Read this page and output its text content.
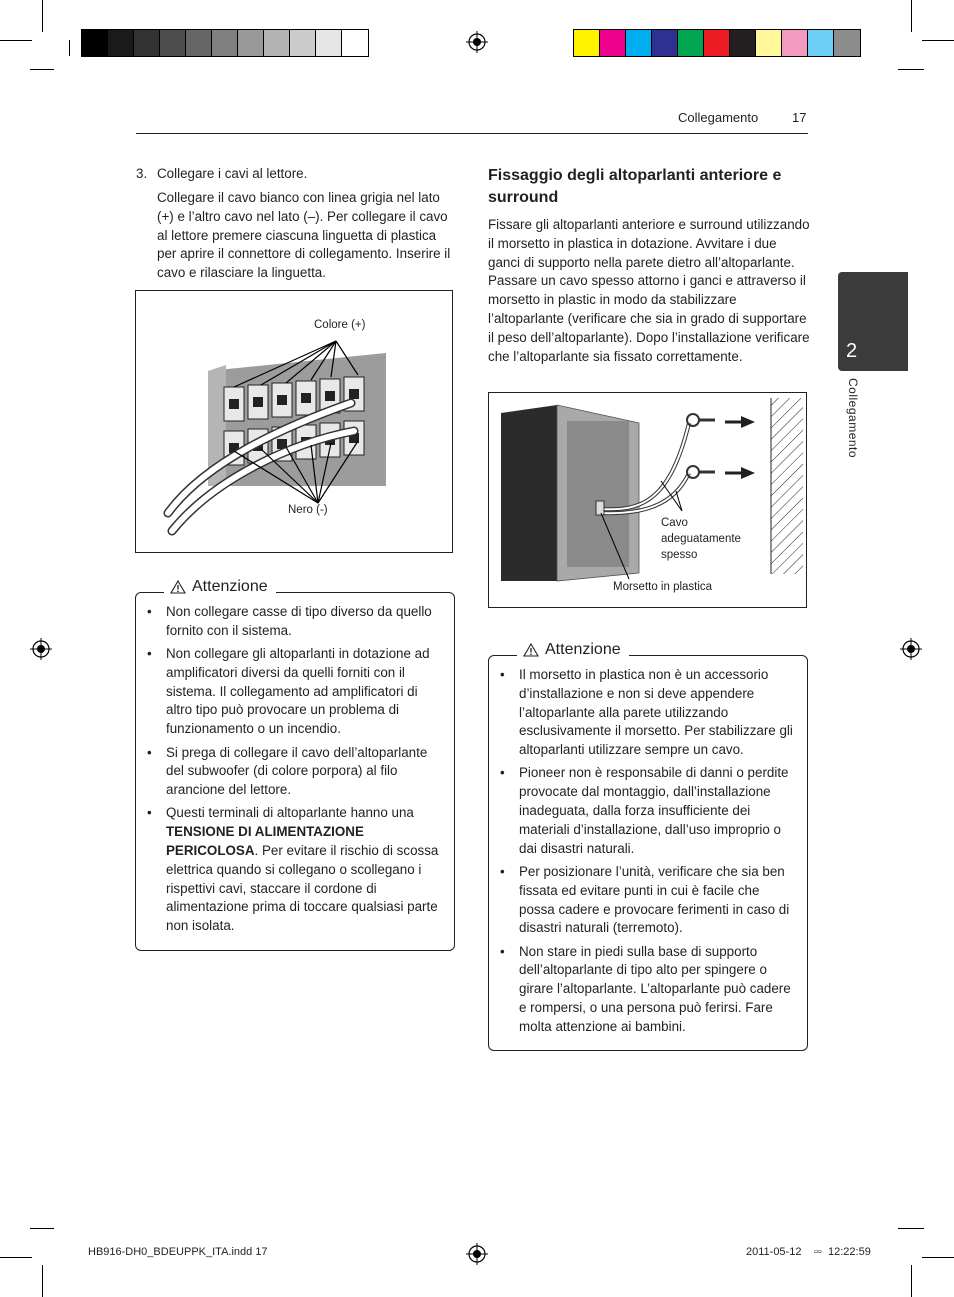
Collegamento	17
2
Collegamento
3. Collegare i cavi al lettore.
Collegare il cavo bianco con linea grigia nel lato (+) e l’altro cavo nel lato (–). Per collegare il cavo al lettore premere ciascuna linguetta di plastica per aprire il connettore di collegamento. Inserire il cavo e rilasciare la linguetta.
Colore (+)
Nero (-)
Attenzione
• Non collegare casse di tipo diverso da quello fornito con il sistema.
• Non collegare gli altoparlanti in dotazione ad amplificatori diversi da quelli forniti con il sistema. Il collegamento ad amplificatori di altro tipo può provocare un problema di funzionamento o un incendio.
• Si prega di collegare il cavo dell’altoparlante del subwoofer (di colore porpora) al filo arancione del lettore.
• Questi terminali di altoparlante hanno una TENSIONE DI ALIMENTAZIONE PERICOLOSA. Per evitare il rischio di scossa elettrica quando si collegano o scollegano i rispettivi cavi, staccare il cordone di alimentazione prima di toccare qualsiasi parte non isolata.
Fissaggio degli altoparlanti anteriore e surround
Fissare gli altoparlanti anteriore e surround utilizzando il morsetto in plastica in dotazione. Avvitare i due ganci di supporto nella parete dietro all’altoparlante. Passare un cavo spesso attorno i ganci e attraverso il morsetto in plastic in modo da stabilizzare l’altoparlante (verificare che sia in grado di supportare il peso dell’altoparlante). Dopo l’installazione verificare che l’altoparlante sia fissato correttamente.
Cavo adeguatamente spesso
Morsetto in plastica
Attenzione
• Il morsetto in plastica non è un accessorio d’installazione e non si deve appendere l’altoparlante alla parete utilizzando esclusivamente il morsetto. Per stabilizzare gli altoparlanti utilizzare sempre un cavo.
• Pioneer non è responsabile di danni o perdite provocate dal montaggio, dall’installazione inadeguata, dalla forza insufficiente dei materiali d’installazione, dall’uso improprio o dai disastri naturali.
• Per posizionare l’unità, verificare che sia ben fissata ed evitare punti in cui è facile che possa cadere e provocare ferimenti in caso di disastri naturali (terremoto).
• Non stare in piedi sulla base di supporto dell’altoparlante di tipo alto per spingere o girare l’altoparlante. L’altoparlante può cadere e rompersi, o una persona può ferirsi. Fare molta attenzione ai bambini.
HB916-DH0_BDEUPPK_ITA.indd 17	2011-05-12 ▫▫ 12:22:59
